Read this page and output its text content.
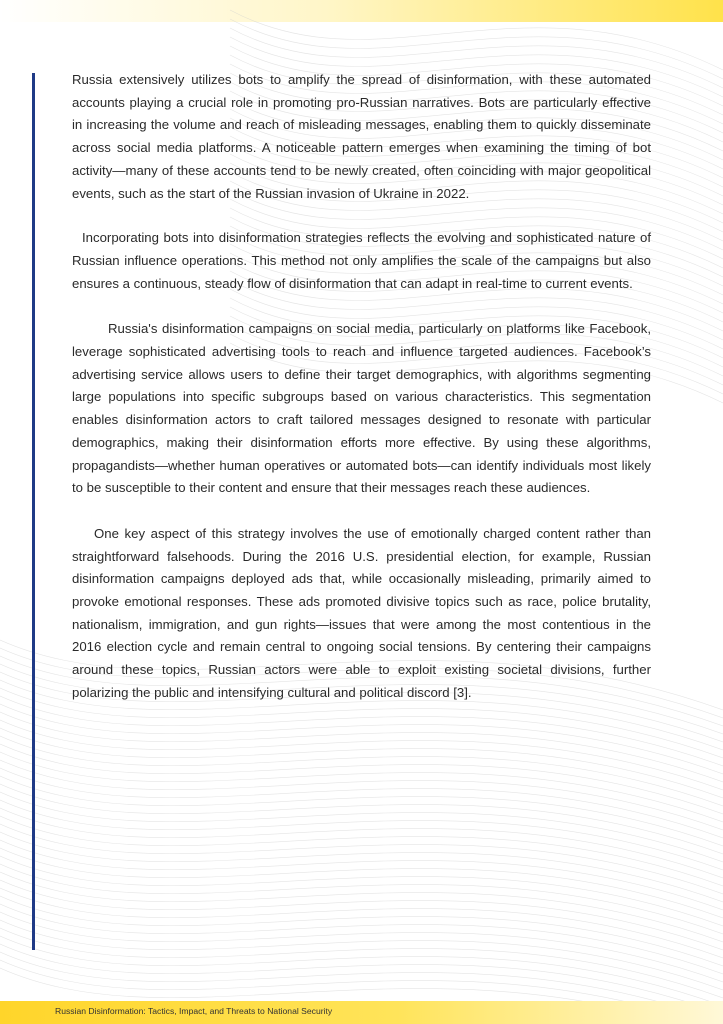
Russia extensively utilizes bots to amplify the spread of disinformation, with these automated accounts playing a crucial role in promoting pro-Russian narratives. Bots are particularly effective in increasing the volume and reach of misleading messages, enabling them to quickly disseminate across social media platforms. A noticeable pattern emerges when examining the timing of bot activity—many of these accounts tend to be newly created, often coinciding with major geopolitical events, such as the start of the Russian invasion of Ukraine in 2022.

Incorporating bots into disinformation strategies reflects the evolving and sophisticated nature of Russian influence operations. This method not only amplifies the scale of the campaigns but also ensures a continuous, steady flow of disinformation that can adapt in real-time to current events.

Russia's disinformation campaigns on social media, particularly on platforms like Facebook, leverage sophisticated advertising tools to reach and influence targeted audiences. Facebook’s advertising service allows users to define their target demographics, with algorithms segmenting large populations into specific subgroups based on various characteristics. This segmentation enables disinformation actors to craft tailored messages designed to resonate with particular demographics, making their disinformation efforts more effective. By using these algorithms, propagandists—whether human operatives or automated bots—can identify individuals most likely to be susceptible to their content and ensure that their messages reach these audiences.

One key aspect of this strategy involves the use of emotionally charged content rather than straightforward falsehoods. During the 2016 U.S. presidential election, for example, Russian disinformation campaigns deployed ads that, while occasionally misleading, primarily aimed to provoke emotional responses. These ads promoted divisive topics such as race, police brutality, nationalism, immigration, and gun rights—issues that were among the most contentious in the 2016 election cycle and remain central to ongoing social tensions. By centering their campaigns around these topics, Russian actors were able to exploit existing societal divisions, further polarizing the public and intensifying cultural and political discord [3].

Russian Disinformation: Tactics, Impact, and Threats to National Security
